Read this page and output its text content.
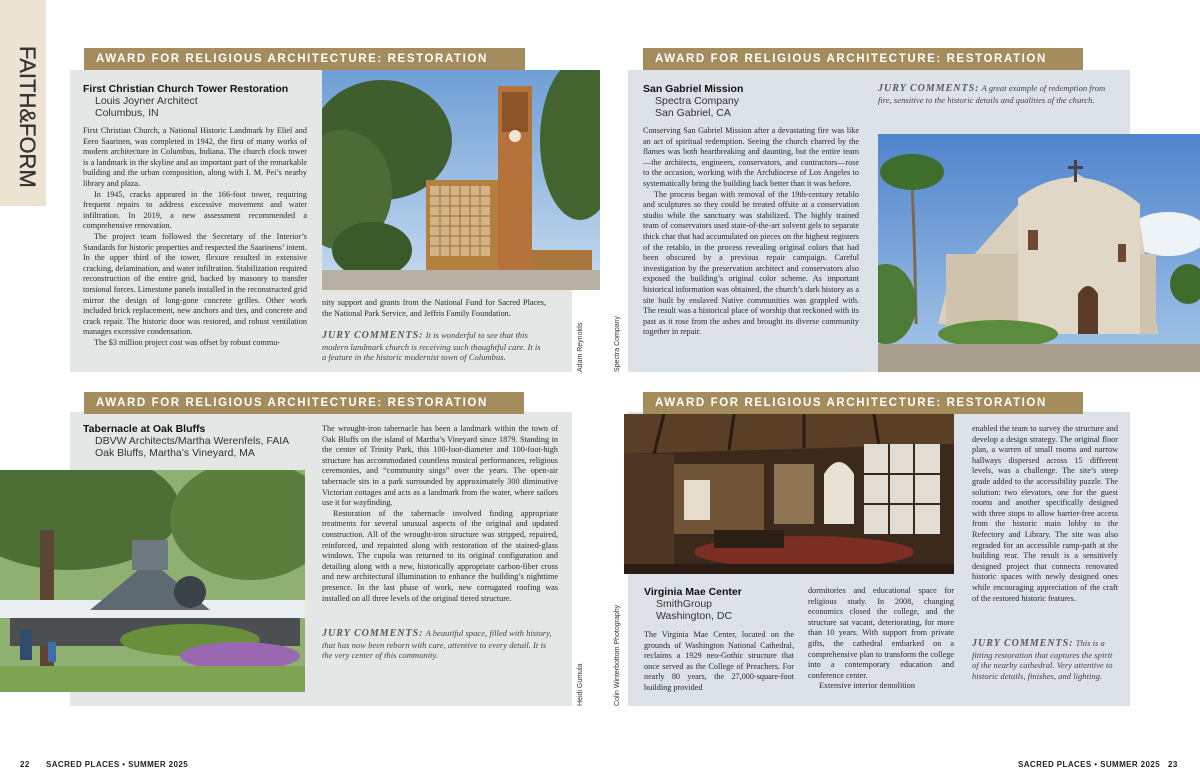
FAITH&FORM	AWARD FOR RELIGIOUS ARCHITECTURE: RESTORATION
First Christian Church Tower Restoration
Louis Joyner Architect
Columbus, IN

First Christian Church, a National Historic Landmark by Eliel and Eero Saarinen, was completed in 1942, the first of many works of modern architecture in Columbus, Indiana. The church clock tower is a landmark in the skyline and an important part of the remarkable building and the urban composition, along with I. M. Pei’s nearby library and plaza.

In 1945, cracks appeared in the 166-foot tower, requiring frequent repairs to address excessive movement and water infiltration. In 2019, a new assessment recommended a comprehensive renovation.

The project team followed the Secretary of the Interior’s Standards for historic properties and respected the Saarinens’ intent. In the upper third of the tower, flexure resulted in extensive cracking, delamination, and water infiltration. Stabilization required reconstruction of the entire grid, backed by masonry to transfer torsional forces. Limestone panels installed in the reconstructed grid mirror the design of long-gone concrete grilles. Other work included brick replacement, new anchors and ties, and concrete and crack repair. The historic door was restored, and robust ventilation manages excessive condensation.

The $3 million project cost was offset by robust commu-

nity support and grants from the National Fund for Sacred Places, the National Park Service, and Jeffris Family Foundation.

JURY COMMENTS: It is wonderful to see that this modern landmark church is receiving such thoughtful care. It is a feature in the historic modernist town of Columbus.	Adam Reynolds
AWARD FOR RELIGIOUS ARCHITECTURE: RESTORATION
San Gabriel Mission
Spectra Company
San Gabriel, CA

Conserving San Gabriel Mission after a devastating fire was like an act of spiritual redemption. Seeing the church charred by the flames was both heartbreaking and daunting, but the entire team—the architects, engineers, conservators, and contractors—rose to the occasion, working with the Archdiocese of Los Angeles to systematically bring the building back better than it was before.

The process began with removal of the 19th-century retablo and sculptures so they could be treated offsite at a conservation studio while the sanctuary was stabilized. The highly trained team of conservators used state-of-the-art solvent gels to separate thick char that had accumulated on pieces on the highest registers of the retablo, in the process revealing original colors that had been obscured by a previous repair campaign. Careful investigation by the preservation architect and conservators also exposed the building’s original color scheme. As important historical information was obtained, the church’s dark history as a site built by enslaved Native communities was grappled with. The result was a historical place of worship that reckoned with its past as it rose from the ashes and brought its diverse community together in repair.

JURY COMMENTS: A great example of redemption from fire, sensitive to the historic details and qualities of the church.
Spectra Company
AWARD FOR RELIGIOUS ARCHITECTURE: RESTORATION
Tabernacle at Oak Bluffs
DBVW Architects/Martha Werenfels, FAIA
Oak Bluffs, Martha’s Vineyard, MA

The wrought-iron tabernacle has been a landmark within the town of Oak Bluffs on the island of Martha’s Vineyard since 1879. Standing in the center of Trinity Park, this 100-foot-diameter and 100-foot-high structure has accommodated countless musical performances, religious ceremonies, and “community sings” over the years. The open-air tabernacle sits in a park surrounded by approximately 300 diminutive Victorian cottages and acts as a landmark from the water, where sailors use it for wayfinding.

Restoration of the tabernacle involved finding appropriate treatments for several unusual aspects of the original and updated construction. All of the wrought-iron structure was stripped, repaired, reinforced, and repainted along with restoration of the stained-glass windows. The cupola was returned to its original configuration and detailing along with a new, historically appropriate carbon-fiber cross and new architectural illumination to enhance the building’s nighttime presence. In the last phase of work, new corrugated roofing was installed on all three levels of the original tiered structure.

JURY COMMENTS: A beautiful space, filled with history, that has now been reborn with care, attentive to every detail. It is the very center of this community.
Heidi Gumula
AWARD FOR RELIGIOUS ARCHITECTURE: RESTORATION
Virginia Mae Center
SmithGroup
Washington, DC

The Virginia Mae Center, located on the grounds of Washington National Cathedral, reclaims a 1929 neo-Gothic structure that once served as the College of Preachers. For nearly 80 years, the 27,000-square-foot building provided

dormitories and educational space for religious study. In 2008, changing economics closed the college, and the structure sat vacant, deteriorating, for more than 10 years. With support from private gifts, the cathedral embarked on a comprehensive plan to transform the college into a contemporary education and conference center.

Extensive interior demolition

enabled the team to survey the structure and develop a design strategy. The original floor plan, a warren of small rooms and narrow hallways dispersed across 15 different levels, was a challenge. The site’s steep grade added to the accessibility puzzle. The solution: two elevators, one for the guest rooms and another specifically designed with three stops to allow barrier-free access from the historic main lobby to the Refectory and Library. The site was also regraded for an accessible ramp-path at the building rear. The result is a sensitively designed project that connects renovated historic spaces with newly designed ones while encouraging appreciation of the craft of the restored historic features.

JURY COMMENTS: This is a fitting restoration that captures the spirit of the nearby cathedral. Very attentive to historic details, finishes, and lighting.
Colin Winterbottom Photography
22 SACRED PLACES • SUMMER 2025	SACRED PLACES • SUMMER 2025 23
